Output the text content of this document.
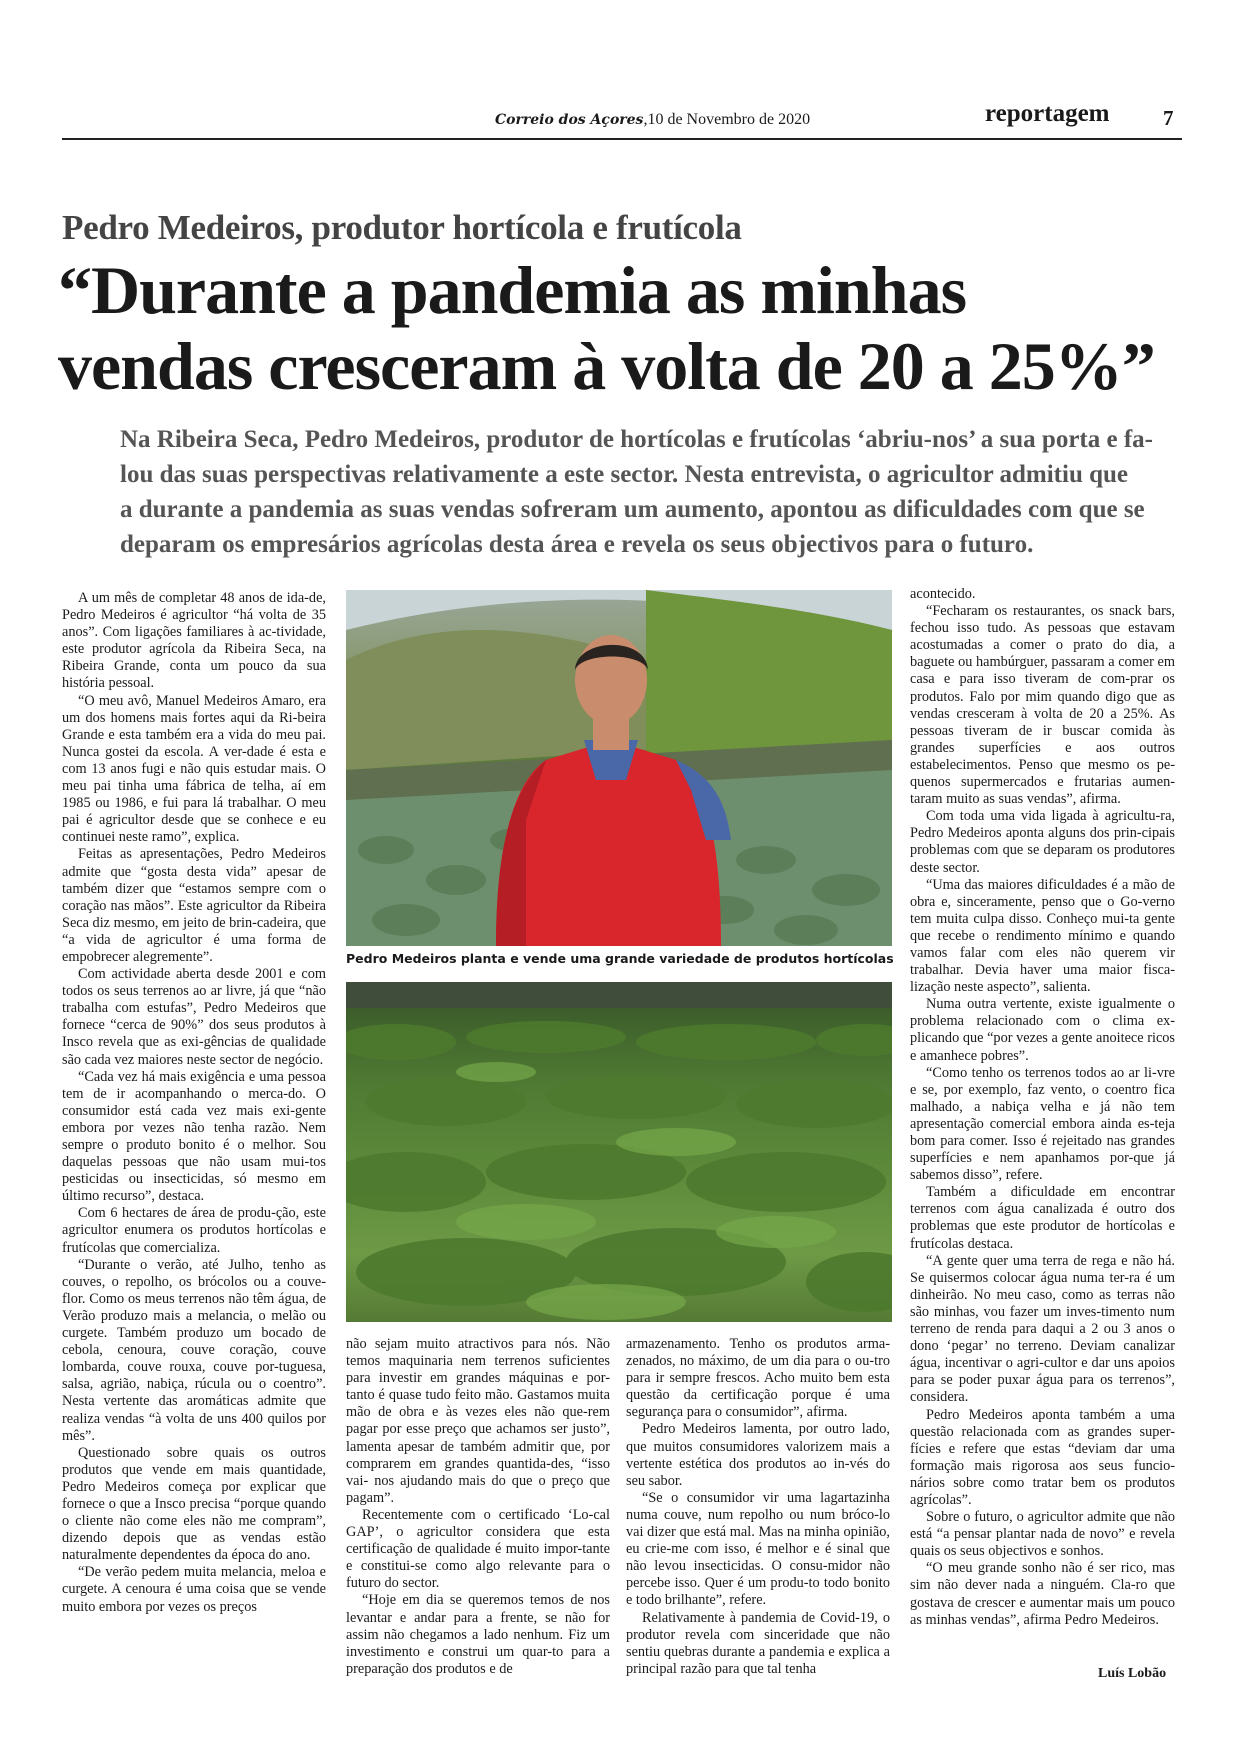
Correio dos Açores,10 de Novembro de 2020	reportagem	7
Pedro Medeiros, produtor hortícola e frutícola
“Durante a pandemia as minhas
vendas cresceram à volta de 20 a 25%”
Na Ribeira Seca, Pedro Medeiros, produtor de hortícolas e frutícolas ‘abriu-nos’ a sua porta e fa-
lou das suas perspectivas relativamente a este sector. Nesta entrevista, o agricultor admitiu que
a durante a pandemia as suas vendas sofreram um aumento, apontou as dificuldades com que se
deparam os empresários agrícolas desta área e revela os seus objectivos para o futuro.

A um mês de completar 48 anos de ida-de, Pedro Medeiros é agricultor “há volta de 35 anos”. Com ligações familiares à ac-tividade, este produtor agrícola da Ribeira Seca, na Ribeira Grande, conta um pouco da sua história pessoal.

“O meu avô, Manuel Medeiros Amaro, era um dos homens mais fortes aqui da Ri-beira Grande e esta também era a vida do meu pai. Nunca gostei da escola. A ver-dade é esta e com 13 anos fugi e não quis estudar mais. O meu pai tinha uma fábrica de telha, aí em 1985 ou 1986, e fui para lá trabalhar. O meu pai é agricultor desde que se conhece e eu continuei neste ramo”, explica.

Feitas as apresentações, Pedro Medeiros admite que “gosta desta vida” apesar de também dizer que “estamos sempre com o coração nas mãos”. Este agricultor da Ribeira Seca diz mesmo, em jeito de brin-cadeira, que “a vida de agricultor é uma forma de empobrecer alegremente”.

Com actividade aberta desde 2001 e com todos os seus terrenos ao ar livre, já que “não trabalha com estufas”, Pedro Medeiros que fornece “cerca de 90%” dos seus produtos à Insco revela que as exi-gências de qualidade são cada vez maiores neste sector de negócio.

“Cada vez há mais exigência e uma pessoa tem de ir acompanhando o merca-do. O consumidor está cada vez mais exi-gente embora por vezes não tenha razão. Nem sempre o produto bonito é o melhor. Sou daquelas pessoas que não usam mui-tos pesticidas ou insecticidas, só mesmo em último recurso”, destaca.

Com 6 hectares de área de produ-ção, este agricultor enumera os produtos hortícolas e frutícolas que comercializa.

“Durante o verão, até Julho, tenho as couves, o repolho, os brócolos ou a couve-flor. Como os meus terrenos não têm água, de Verão produzo mais a melancia, o melão ou curgete. Também produzo um bocado de cebola, cenoura, couve coração, couve lombarda, couve rouxa, couve por-tuguesa, salsa, agrião, nabiça, rúcula ou o coentro”. Nesta vertente das aromáticas admite que realiza vendas “à volta de uns 400 quilos por mês”.

Questionado sobre quais os outros produtos que vende em mais quantidade, Pedro Medeiros começa por explicar que fornece o que a Insco precisa “porque quando o cliente não come eles não me compram”, dizendo depois que as vendas estão naturalmente dependentes da época do ano.

“De verão pedem muita melancia, meloa e curgete. A cenoura é uma coisa que se vende muito embora por vezes os preços

Pedro Medeiros planta e vende uma grande variedade de produtos hortícolas

não sejam muito atractivos para nós. Não temos maquinaria nem terrenos suficientes para investir em grandes máquinas e por-tanto é quase tudo feito mão. Gastamos muita mão de obra e às vezes eles não que-rem pagar por esse preço que achamos ser justo”, lamenta apesar de também admitir que, por comprarem em grandes quantida-des, “isso vai- nos ajudando mais do que o preço que pagam”.

Recentemente com o certificado ‘Lo-cal GAP’, o agricultor considera que esta certificação de qualidade é muito impor-tante e constitui-se como algo relevante para o futuro do sector.

“Hoje em dia se queremos temos de nos levantar e andar para a frente, se não for assim não chegamos a lado nenhum. Fiz um investimento e construi um quar-to para a preparação dos produtos e de

armazenamento. Tenho os produtos arma-zenados, no máximo, de um dia para o ou-tro para ir sempre frescos. Acho muito bem esta questão da certificação porque é uma segurança para o consumidor”, afirma.

Pedro Medeiros lamenta, por outro lado, que muitos consumidores valorizem mais a vertente estética dos produtos ao in-vés do seu sabor.

“Se o consumidor vir uma lagartazinha numa couve, num repolho ou num bróco-lo vai dizer que está mal. Mas na minha opinião, eu crie-me com isso, é melhor e é sinal que não levou insecticidas. O consu-midor não percebe isso. Quer é um produ-to todo bonito e todo brilhante”, refere.

Relativamente à pandemia de Covid-19, o produtor revela com sinceridade que não sentiu quebras durante a pandemia e explica a principal razão para que tal tenha

acontecido.

“Fecharam os restaurantes, os snack bars, fechou isso tudo. As pessoas que estavam acostumadas a comer o prato do dia, a baguete ou hambúrguer, passaram a comer em casa e para isso tiveram de com-prar os produtos. Falo por mim quando digo que as vendas cresceram à volta de 20 a 25%. As pessoas tiveram de ir buscar comida às grandes superfícies e aos outros estabelecimentos. Penso que mesmo os pe-quenos supermercados e frutarias aumen-taram muito as suas vendas”, afirma.

Com toda uma vida ligada à agricultu-ra, Pedro Medeiros aponta alguns dos prin-cipais problemas com que se deparam os produtores deste sector.

“Uma das maiores dificuldades é a mão de obra e, sinceramente, penso que o Go-verno tem muita culpa disso. Conheço mui-ta gente que recebe o rendimento mínimo e quando vamos falar com eles não querem vir trabalhar. Devia haver uma maior fisca-lização neste aspecto”, salienta.

Numa outra vertente, existe igualmente o problema relacionado com o clima ex-plicando que “por vezes a gente anoitece ricos e amanhece pobres”.

“Como tenho os terrenos todos ao ar li-vre e se, por exemplo, faz vento, o coentro fica malhado, a nabiça velha e já não tem apresentação comercial embora ainda es-teja bom para comer. Isso é rejeitado nas grandes superfícies e nem apanhamos por-que já sabemos disso”, refere.

Também a dificuldade em encontrar terrenos com água canalizada é outro dos problemas que este produtor de hortícolas e frutícolas destaca.

“A gente quer uma terra de rega e não há. Se quisermos colocar água numa ter-ra é um dinheirão. No meu caso, como as terras não são minhas, vou fazer um inves-timento num terreno de renda para daqui a 2 ou 3 anos o dono ‘pegar’ no terreno. Deviam canalizar água, incentivar o agri-cultor e dar uns apoios para se poder puxar água para os terrenos”, considera.

Pedro Medeiros aponta também a uma questão relacionada com as grandes super-fícies e refere que estas “deviam dar uma formação mais rigorosa aos seus funcio-nários sobre como tratar bem os produtos agrícolas”.

Sobre o futuro, o agricultor admite que não está “a pensar plantar nada de novo” e revela quais os seus objectivos e sonhos.

“O meu grande sonho não é ser rico, mas sim não dever nada a ninguém. Cla-ro que gostava de crescer e aumentar mais um pouco as minhas vendas”, afirma Pedro Medeiros.

Luís Lobão
